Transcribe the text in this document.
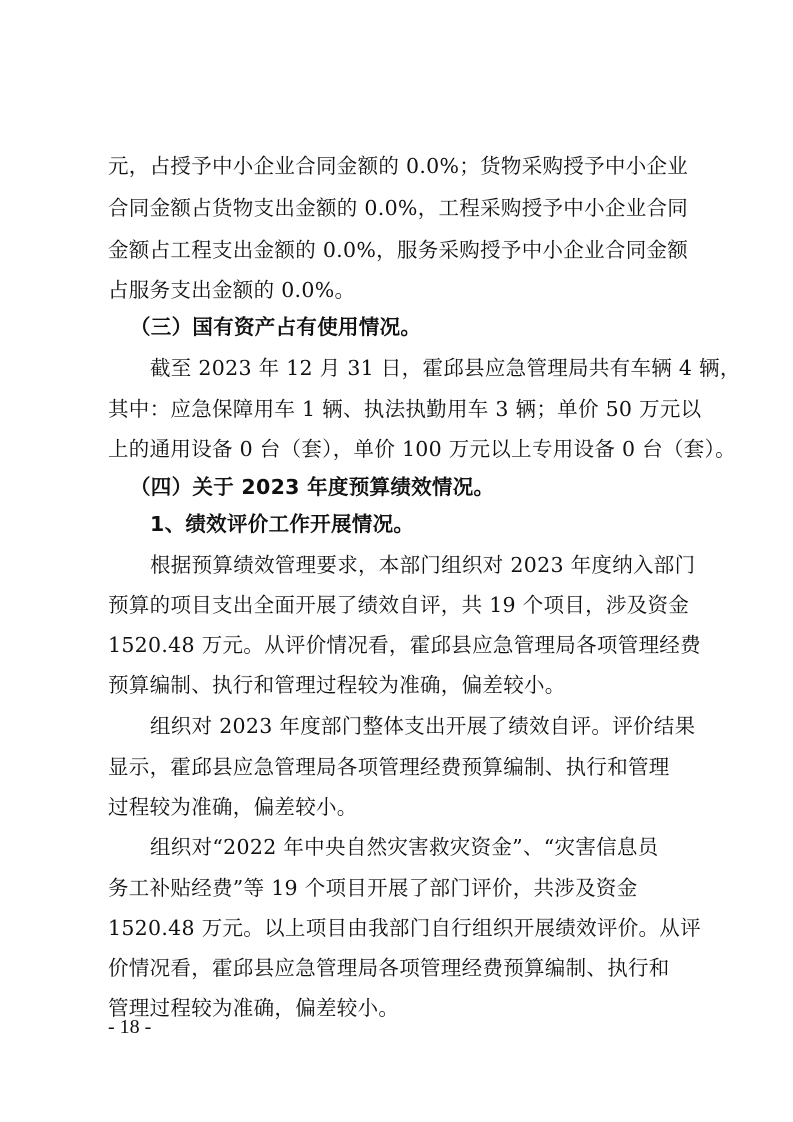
元，占授予中小企业合同金额的 0.0%；货物采购授予中小企业
合同金额占货物支出金额的 0.0%，工程采购授予中小企业合同
金额占工程支出金额的 0.0%，服务采购授予中小企业合同金额
占服务支出金额的 0.0%。
（三）国有资产占有使用情况。
截至 2023 年 12 月 31 日，霍邱县应急管理局共有车辆 4 辆，
其中：应急保障用车 1 辆、执法执勤用车 3 辆；单价 50 万元以
上的通用设备 0 台（套），单价 100 万元以上专用设备 0 台（套）。
（四）关于 2023 年度预算绩效情况。
1、绩效评价工作开展情况。
根据预算绩效管理要求，本部门组织对 2023 年度纳入部门
预算的项目支出全面开展了绩效自评，共 19 个项目，涉及资金
1520.48 万元。从评价情况看，霍邱县应急管理局各项管理经费
预算编制、执行和管理过程较为准确，偏差较小。
组织对 2023 年度部门整体支出开展了绩效自评。评价结果
显示，霍邱县应急管理局各项管理经费预算编制、执行和管理
过程较为准确，偏差较小。
组织对“2022 年中央自然灾害救灾资金”、“灾害信息员
务工补贴经费”等 19 个项目开展了部门评价，共涉及资金
1520.48 万元。以上项目由我部门自行组织开展绩效评价。从评
价情况看，霍邱县应急管理局各项管理经费预算编制、执行和
管理过程较为准确，偏差较小。
- 18 -
